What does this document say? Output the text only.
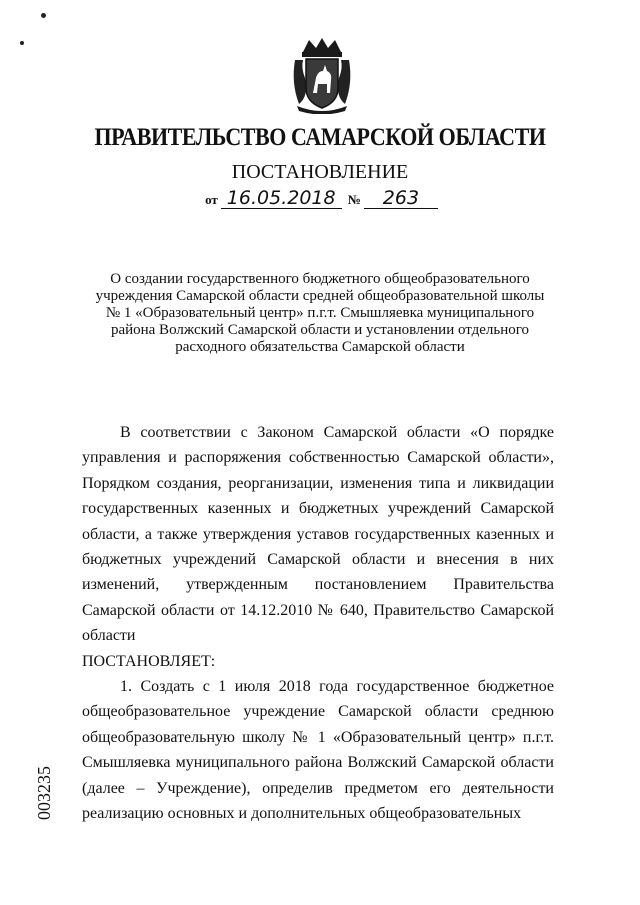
ПРАВИТЕЛЬСТВО САМАРСКОЙ ОБЛАСТИ
ПОСТАНОВЛЕНИЕ
от 16.05.2018 № 263
О создании государственного бюджетного общеобразовательного
учреждения Самарской области средней общеобразовательной школы
№ 1 «Образовательный центр» п.г.т. Смышляевка муниципального
района Волжский Самарской области и установлении отдельного
расходного обязательства Самарской области

В соответствии с Законом Самарской области «О порядке управления и распоряжения собственностью Самарской области», Порядком создания, реорганизации, изменения типа и ликвидации государственных казенных и бюджетных учреждений Самарской области, а также утверждения уставов государственных казенных и бюджетных учреждений Самарской области и внесения в них изменений, утвержденным постановлением Правительства Самарской области от 14.12.2010 № 640, Правительство Самарской области

ПОСТАНОВЛЯЕТ:

1. Создать с 1 июля 2018 года государственное бюджетное общеобразовательное учреждение Самарской области среднюю общеобразовательную школу № 1 «Образовательный центр» п.г.т. Смышляевка муниципального района Волжский Самарской области (далее – Учреждение), определив предметом его деятельности реализацию основных и дополнительных общеобразовательных

003235
